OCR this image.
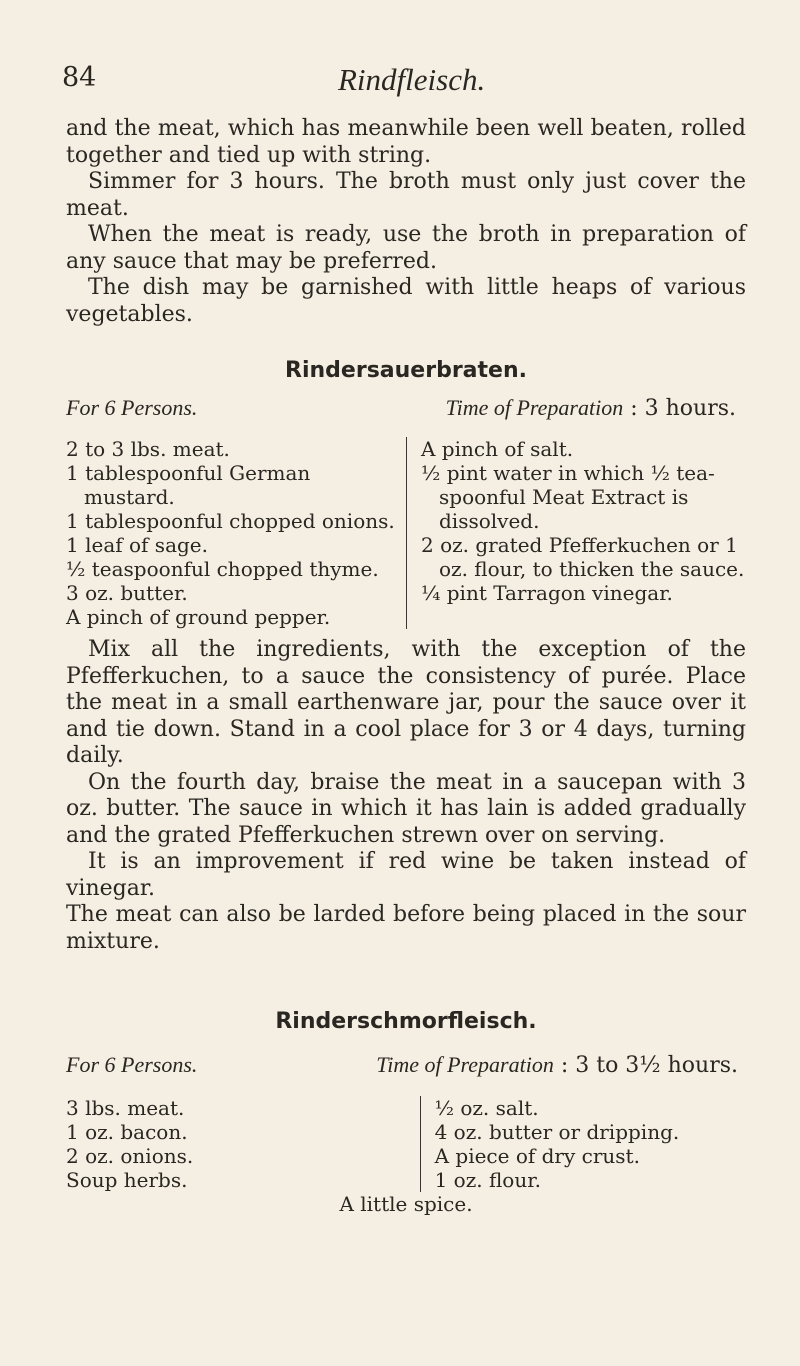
84	Rindfleisch.

and the meat, which has meanwhile been well beaten, rolled together and tied up with string.

Simmer for 3 hours. The broth must only just cover the meat.

When the meat is ready, use the broth in preparation of any sauce that may be preferred.

The dish may be garnished with little heaps of various vegetables.

Rindersauerbraten.
For 6 Persons.	Time of Preparation : 3 hours.
2 to 3 lbs. meat.
1 tablespoonful German mustard.
1 tablespoonful chopped onions.
1 leaf of sage.
½ teaspoonful chopped thyme.
3 oz. butter.
A pinch of ground pepper.
A pinch of salt.
½ pint water in which ½ tea-spoonful Meat Extract is dissolved.
2 oz. grated Pfefferkuchen or 1 oz. flour, to thicken the sauce.
¼ pint Tarragon vinegar.

Mix all the ingredients, with the exception of the Pfefferkuchen, to a sauce the consistency of purée. Place the meat in a small earthenware jar, pour the sauce over it and tie down. Stand in a cool place for 3 or 4 days, turning daily.

On the fourth day, braise the meat in a saucepan with 3 oz. butter. The sauce in which it has lain is added gradually and the grated Pfefferkuchen strewn over on serving.

It is an improvement if red wine be taken instead of vinegar.

The meat can also be larded before being placed in the sour mixture.

Rinderschmorfleisch.
For 6 Persons.	Time of Preparation : 3 to 3½ hours.
3 lbs. meat.
1 oz. bacon.
2 oz. onions.
Soup herbs.
½ oz. salt.
4 oz. butter or dripping.
A piece of dry crust.
1 oz. flour.
A little spice.
